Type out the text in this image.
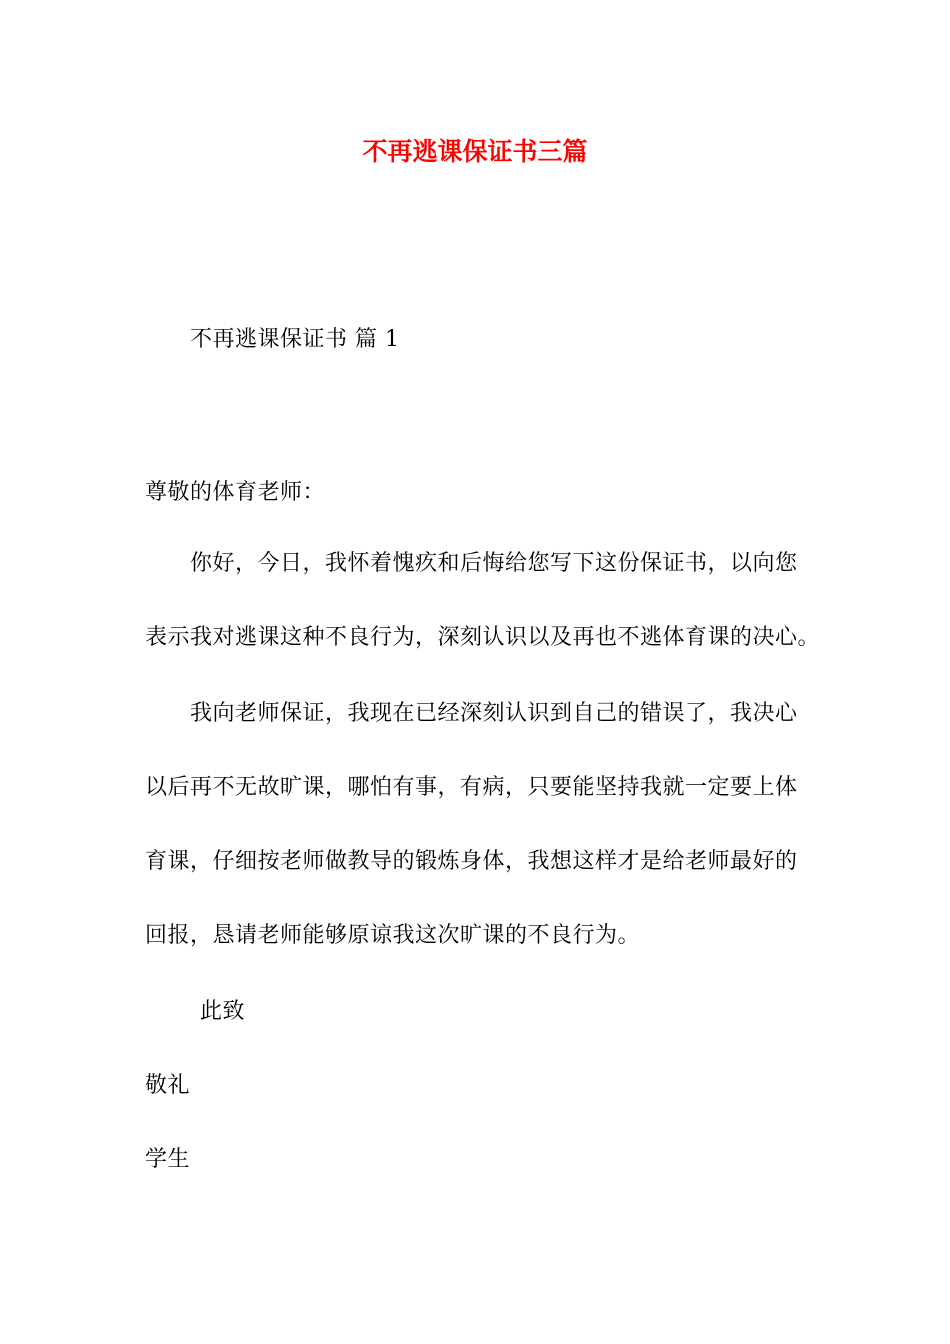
不再逃课保证书三篇
不再逃课保证书 篇 1
尊敬的体育老师：
你好，今日，我怀着愧疚和后悔给您写下这份保证书，以向您
表示我对逃课这种不良行为，深刻认识以及再也不逃体育课的决心。
我向老师保证，我现在已经深刻认识到自己的错误了，我决心
以后再不无故旷课，哪怕有事，有病，只要能坚持我就一定要上体
育课，仔细按老师做教导的锻炼身体，我想这样才是给老师最好的
回报，恳请老师能够原谅我这次旷课的不良行为。
此致
敬礼
学生
